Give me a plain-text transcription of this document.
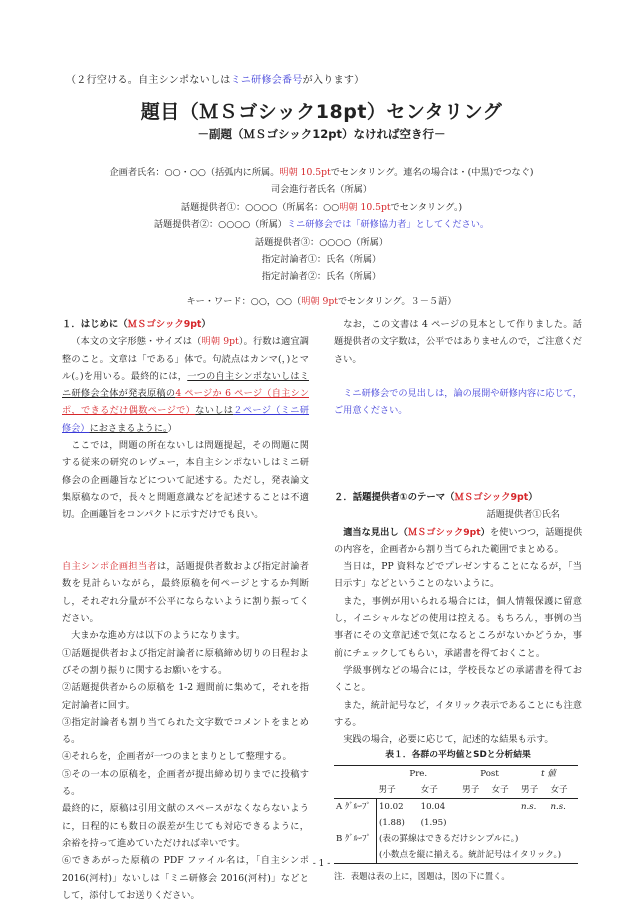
（２行空ける。自主シンポないしはミニ研修会番号が入ります）
題目（ＭＳゴシック18pt）センタリング
－副題（ＭＳゴシック12pt）なければ空き行－
企画者氏名：○○・○○（括弧内に所属。明朝 10.5ptでセンタリング。連名の場合は・(中黒)でつなぐ)
司会進行者氏名（所属）
話題提供者①：○○○○（所属名：○○明朝 10.5ptでセンタリング。)
話題提供者②：○○○○（所属）ミニ研修会では「研修協力者」としてください。
話題提供者③：○○○○（所属）
指定討論者①：氏名（所属）
指定討論者②：氏名（所属）
キー・ワード：○○，○○（明朝 9ptでセンタリング。３－５語）
１．はじめに（ＭＳゴシック9pt）

（本文の文字形態・サイズは（明朝 9pt）。行数は適宜調整のこと。文章は「である」体で。句読点はカンマ(，)とマル(。)を用いる。最終的には，一つの自主シンポないしはミニ研修会全体が発表原稿の4 ページか 6 ページ（自主シンポ，できるだけ偶数ページで）ないしは２ページ（ミニ研修会）におさまるように。）

ここでは，問題の所在ないしは問題提起，その問題に関する従来の研究のレヴュー，本自主シンポないしはミニ研修会の企画趣旨などについて記述する。ただし，発表論文集原稿なので，長々と問題意識などを記述することは不適切。企画趣旨をコンパクトに示すだけでも良い。

自主シンポ企画担当者は，話題提供者数および指定討論者数を見計らいながら，最終原稿を何ページとするか判断し，それぞれ分量が不公平にならないように割り振ってください。

大まかな進め方は以下のようになります。

①話題提供者および指定討論者に原稿締め切りの日程およびその割り振りに関するお願いをする。

②話題提供者からの原稿を 1-2 週間前に集めて，それを指定討論者に回す。

③指定討論者も割り当てられた文字数でコメントをまとめる。

④それらを，企画者が一つのまとまりとして整理する。

⑤その一本の原稿を，企画者が提出締め切りまでに投稿する。

最終的に，原稿は引用文献のスペースがなくならないように，日程的にも数日の誤差が生じても対応できるように，余裕を持って進めていただければ幸いです。

⑥できあがった原稿の PDF ファイル名は，「自主シンポ 2016(河村)」ないしは「ミニ研修会 2016(河村)」などとして，添付してお送りください。

なお，この文書は 4 ページの見本として作りました。話題提供者の文字数は，公平ではありませんので，ご注意ください。

ミニ研修会での見出しは，論の展開や研修内容に応じて，ご用意ください。

２．話題提供者①のテーマ（ＭＳゴシック9pt）
話題提供者①氏名

適当な見出し（ＭＳゴシック9pt）を使いつつ，話題提供の内容を，企画者から割り当てられた範囲でまとめる。

当日は，PP 資料などでプレゼンすることになるが，「当日示す」などということのないように。

また，事例が用いられる場合には，個人情報保護に留意し，イニシャルなどの使用は控える。もちろん，事例の当事者にその文章記述で気になるところがないかどうか，事前にチェックしてもらい，承諾書を得ておくこと。

学級事例などの場合には，学校長などの承諾書を得ておくこと。

また，統計記号など，イタリック表示であることにも注意する。

実践の場合，必要に応じて，記述的な結果も示す。

表１．各群の平均値とSDと分析結果
	Pre.		Post		t 値	
	男子	女子	男子	女子	男子	女子
A ｸﾞﾙｰﾌﾟ	10.02	10.04			n.s.	n.s.
	(1.88)	(1.95)				
B ｸﾞﾙｰﾌﾟ	(表の罫線はできるだけシンプルに。)					
	(小数点を縦に揃える。統計記号はイタリック。)					
注．表題は表の上に，図題は，図の下に置く。
- 1 -
